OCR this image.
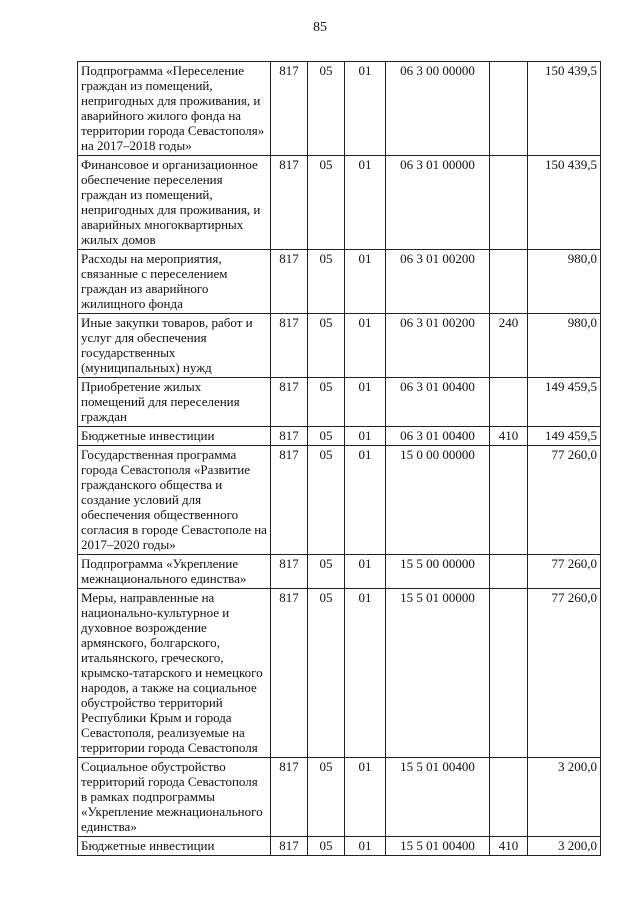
85
Подпрограмма «Переселение граждан из помещений, непригодных для проживания, и аварийного жилого фонда на территории города Севастополя» на 2017–2018 годы»	817	05	01	06 3 00 00000		150 439,5
Финансовое и организационное обеспечение переселения граждан из помещений, непригодных для проживания, и аварийных многоквартирных жилых домов	817	05	01	06 3 01 00000		150 439,5
Расходы на мероприятия, связанные с переселением граждан из аварийного жилищного фонда	817	05	01	06 3 01 00200		980,0
Иные закупки товаров, работ и услуг для обеспечения государственных (муниципальных) нужд	817	05	01	06 3 01 00200	240	980,0
Приобретение жилых помещений для переселения граждан	817	05	01	06 3 01 00400		149 459,5
Бюджетные инвестиции	817	05	01	06 3 01 00400	410	149 459,5
Государственная программа города Севастополя «Развитие гражданского общества и создание условий для обеспечения общественного согласия в городе Севастополе на 2017–2020 годы»	817	05	01	15 0 00 00000		77 260,0
Подпрограмма «Укрепление межнационального единства»	817	05	01	15 5 00 00000		77 260,0
Меры, направленные на национально-культурное и духовное возрождение армянского, болгарского, итальянского, греческого, крымско-татарского и немецкого народов, а также на социальное обустройство территорий Республики Крым и города Севастополя, реализуемые на территории города Севастополя	817	05	01	15 5 01 00000		77 260,0
Социальное обустройство территорий города Севастополя в рамках подпрограммы «Укрепление межнационального единства»	817	05	01	15 5 01 00400		3 200,0
Бюджетные инвестиции	817	05	01	15 5 01 00400	410	3 200,0
